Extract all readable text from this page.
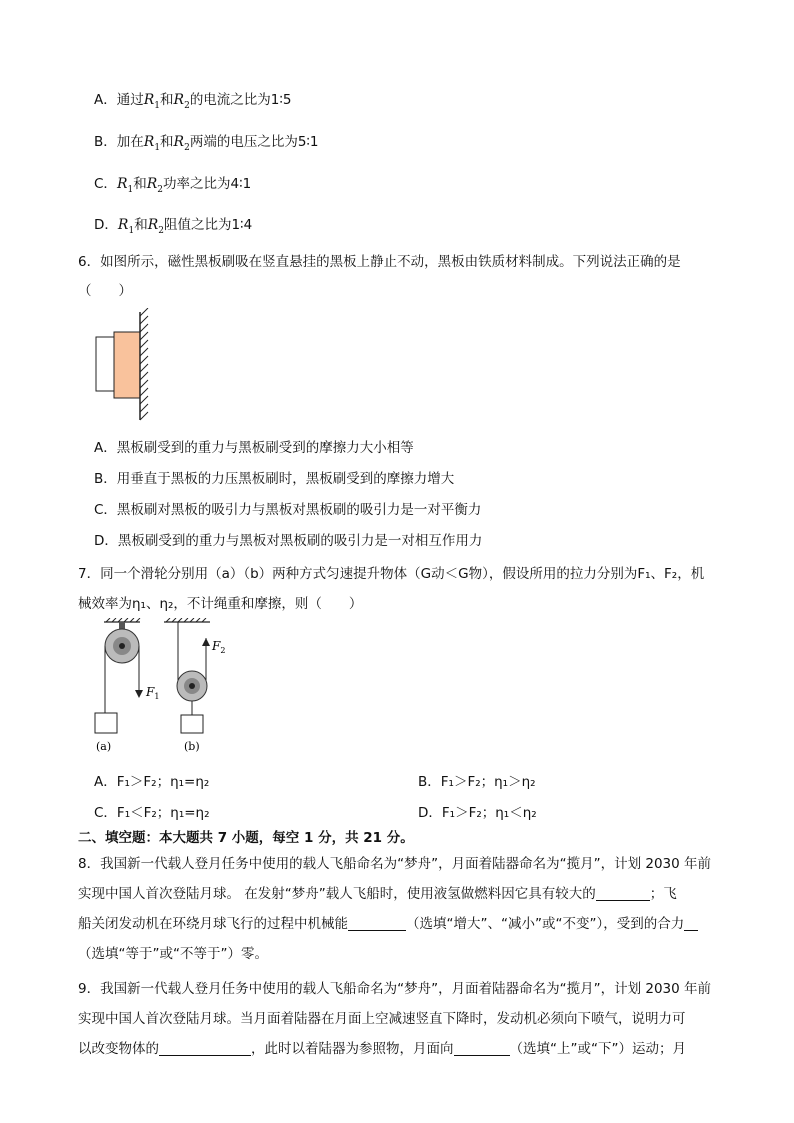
A．通过$R_1$和$R_2$的电流之比为1∶5
B．加在$R_1$和$R_2$两端的电压之比为5∶1
C．$R_1$和$R_2$功率之比为4∶1
D．$R_1$和$R_2$阻值之比为1∶4
6．如图所示，磁性黑板刷吸在竖直悬挂的黑板上静止不动，黑板由铁质材料制成。下列说法正确的是
（　　）
A．黑板刷受到的重力与黑板刷受到的摩擦力大小相等
B．用垂直于黑板的力压黑板刷时，黑板刷受到的摩擦力增大
C．黑板刷对黑板的吸引力与黑板对黑板刷的吸引力是一对平衡力
D．黑板刷受到的重力与黑板对黑板刷的吸引力是一对相互作用力
7．同一个滑轮分别用（a）（b）两种方式匀速提升物体（G动＜G物），假设所用的拉力分别为F₁、F₂，机
械效率为η₁、η₂，不计绳重和摩擦，则（　　）
$F_1$
(a)
$F_2$
(b)
A．F₁＞F₂；η₁=η₂	B．F₁＞F₂；η₁＞η₂
C．F₁＜F₂；η₁=η₂	D．F₁＞F₂；η₁＜η₂
二、填空题：本大题共 7 小题，每空 1 分，共 21 分。
8．我国新一代载人登月任务中使用的载人飞船命名为“梦舟”，月面着陆器命名为“揽月”，计划 2030 年前
实现中国人首次登陆月球。 在发射“梦舟”载人飞船时，使用液氢做燃料因它具有较大的	；飞
船关闭发动机在环绕月球飞行的过程中机械能	（选填“增大”、“减小”或“不变”），受到的合力
（选填“等于”或“不等于”）零。
9．我国新一代载人登月任务中使用的载人飞船命名为“梦舟”，月面着陆器命名为“揽月”，计划 2030 年前
实现中国人首次登陆月球。当月面着陆器在月面上空减速竖直下降时，发动机必须向下喷气，说明力可
以改变物体的	，此时以着陆器为参照物，月面向	（选填“上”或“下”）运动；月
